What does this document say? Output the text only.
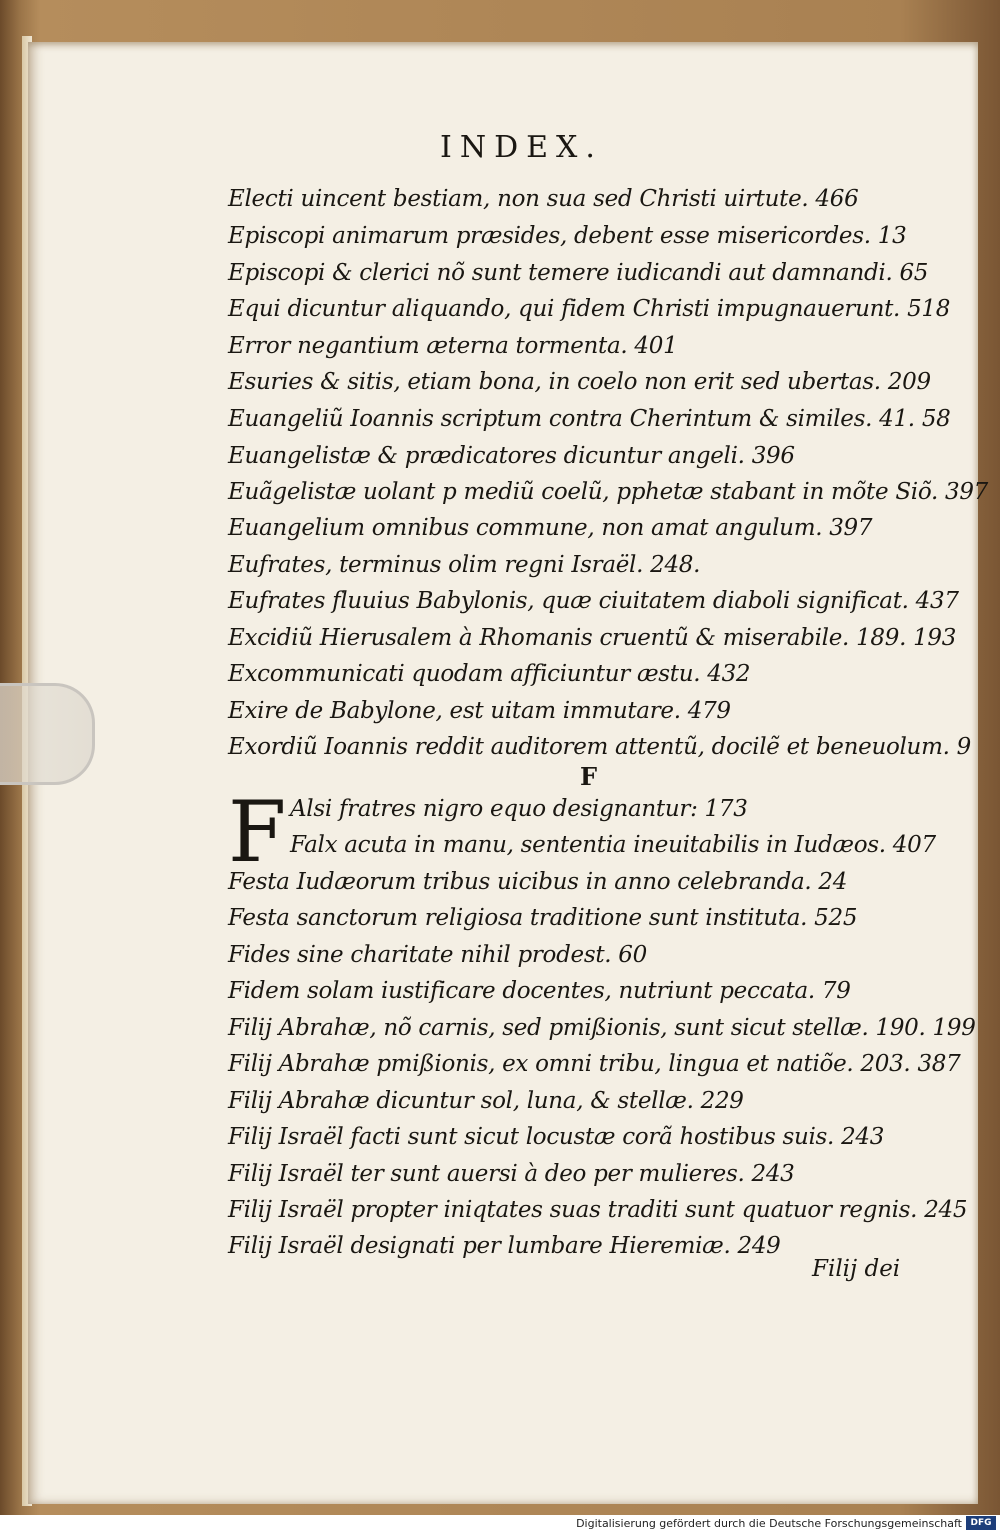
INDEX.
Electi uincent bestiam, non sua sed Christi uirtute. 466
Episcopi animarum præsides, debent esse misericordes. 13
Episcopi & clerici nõ sunt temere iudicandi aut damnandi. 65
Equi dicuntur aliquando, qui fidem Christi impugnauerunt. 518
Error negantium æterna tormenta. 401
Esuries & sitis, etiam bona, in coelo non erit sed ubertas. 209
Euangeliũ Ioannis scriptum contra Cherintum & similes. 41. 58
Euangelistæ & prædicatores dicuntur angeli. 396
Euãgelistæ uolant p mediũ coelũ, pphetæ stabant in mõte Siõ. 397
Euangelium omnibus commune, non amat angulum. 397
Eufrates, terminus olim regni Israël. 248.
Eufrates fluuius Babylonis, quæ ciuitatem diaboli significat. 437
Excidiũ Hierusalem à Rhomanis cruentũ & miserabile. 189. 193
Excommunicati quodam afficiuntur æstu. 432
Exire de Babylone, est uitam immutare. 479
Exordiũ Ioannis reddit auditorem attentũ, docilẽ et beneuolum. 9
F
F Alsi fratres nigro equo designantur: 173
Falx acuta in manu, sententia ineuitabilis in Iudæos. 407
Festa Iudæorum tribus uicibus in anno celebranda. 24
Festa sanctorum religiosa traditione sunt instituta. 525
Fides sine charitate nihil prodest. 60
Fidem solam iustificare docentes, nutriunt peccata. 79
Filij Abrahæ, nõ carnis, sed pmißionis, sunt sicut stellæ. 190. 199
Filij Abrahæ pmißionis, ex omni tribu, lingua et natiõe. 203. 387
Filij Abrahæ dicuntur sol, luna, & stellæ. 229
Filij Israël facti sunt sicut locustæ corã hostibus suis. 243
Filij Israël ter sunt auersi à deo per mulieres. 243
Filij Israël propter iniqtates suas traditi sunt quatuor regnis. 245
Filij Israël designati per lumbare Hieremiæ. 249
Filij dei
Digitalisierung gefördert durch die Deutsche Forschungsgemeinschaft DFG
